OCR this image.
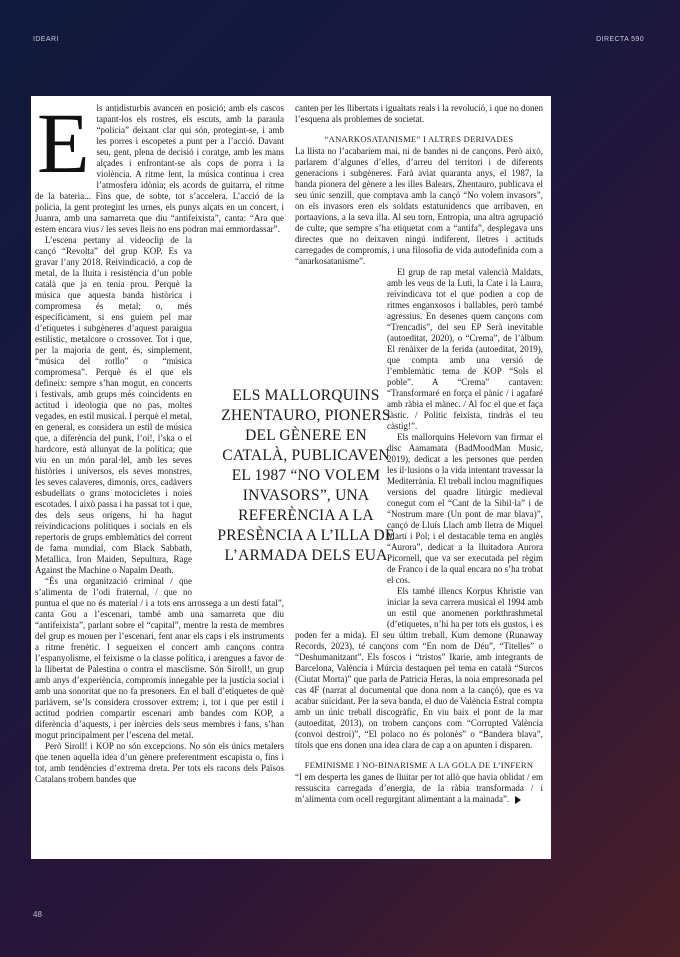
IDEARI	DIRECTA 590
E ls antidisturbis avancen en posició; amb els cascos tapant-los els rostres, els escuts, amb la paraula “policia” deixant clar qui són, protegint-se, i amb les porres i escopetes a punt per a l’acció. Davant seu, gent, plena de decisió i coratge, amb les mans alçades i enfrontant-se als cops de porra i la violència. A ritme lent, la música continua i crea l’atmosfera idònia; els acords de guitarra, el ritme de la bateria... Fins que, de sobte, tot s’accelera. L’acció de la policia, la gent protegint les urnes, els punys alçats en un concert, i Juanra, amb una samarreta que diu “antifeixista”, canta: “Ara que estem encara vius / les seves lleis no ens podran mai emmordassar”.

L’escena pertany al videoclip de la cançó “Revolta” del grup KOP. Es va gravar l’any 2018. Reivindicació, a cop de metal, de la lluita i resistència d’un poble català que ja en tenia prou. Perquè la música que aquesta banda històrica i compromesa és metal; o, més específicament, si ens guiem pel mar d’etiquetes i subgèneres d’aquest paraigua estilístic, metalcore o crossover. Tot i que, per la majoria de gent, és, simplement, “música del rotllo” o “música compromesa”. Perquè és el que els defineix: sempre s’han mogut, en concerts i festivals, amb grups més coincidents en actitud i ideologia que no pas, moltes vegades, en estil musical. I perquè el metal, en general, es considera un estil de música que, a diferència del punk, l’oi!, l’ska o el hardcore, està allunyat de la política; que viu en un món paral·lel, amb les seves històries i universos, els seves monstres, les seves calaveres, dimonis, orcs, cadàvers esbudellats o grans motocicletes i noies escotades. I això passa i ha passat tot i que, des dels seus orígens, hi ha hagut reivindicacions polítiques i socials en els repertoris de grups emblemàtics del corrent de fama mundial, com Black Sabbath, Metallica, Iron Maiden, Sepultura, Rage Against the Machine o Napalm Death.

“És una organització criminal / que s’alimenta de l’odi fraternal, / que no puntua el que no és material / i a tots ens arrossega a un destí fatal”, canta Gou a l’escenari, també amb una samarreta que diu “antifeixista”, parlant sobre el “capital”, mentre la resta de membres del grup es mouen per l’escenari, fent anar els caps i els instruments a ritme frenètic. I segueixen el concert amb cançons contra l’espanyolisme, el feixisme o la classe política, i arengues a favor de la llibertat de Palestina o contra el masclisme. Són Siroll!, un grup amb anys d’experiència, compromís innegable per la justícia social i amb una sonoritat que no fa presoners. En el ball d’etiquetes de què parlàvem, se’ls considera crossover extrem; i, tot i que per estil i actitud podrien compartir escenari amb bandes com KOP, a diferència d’aquests, i per inèrcies dels seus membres i fans, s’han mogut principalment per l’escena del metal.

Però Siroll! i KOP no són excepcions. No són els únics metalers que tenen aquella idea d’un gènere preferentment escapista o, fins i tot, amb tendències d’extrema dreta. Per tots els racons dels Països Catalans trobem bandes que

canten per les llibertats i igualtats reals i la revolució, i que no donen l’esquena als problemes de societat.

“ANARKOSATANISME” I ALTRES DERIVADES

La llista no l’acabaríem mai, ni de bandes ni de cançons. Però això, parlarem d’algunes d’elles, d’arreu del territori i de diferents generacions i subgèneres. Farà aviat quaranta anys, el 1987, la banda pionera del gènere a les illes Balears, Zhentauro, publicava el seu únic senzill, que comptava amb la cançó “No volem invasors”, on els invasors eren els soldats estatunidencs que arribaven, en portaavions, a la seva illa. Al seu torn, Entropia, una altra agrupació de culte, que sempre s’ha etiquetat com a “antifa”, desplegava uns directes que no deixaven ningú indiferent, lletres i actituds carregades de compromís, i una filosofia de vida autodefinida com a “anarkosatanisme”.

El grup de rap metal valencià Maldats, amb les veus de la Luti, la Cate i la Laura, reivindicava tot el que podien a cop de ritmes enganxosos i ballables, però també agressius. En desenes quem cançons com “Trencadís”, del seu EP Serà inevitable (autoeditat, 2020), o “Crema”, de l’àlbum El renàixer de la ferida (autoeditat, 2019), que compta amb una versió de l’emblemàtic tema de KOP “Sols el poble”. A “Crema” cantaven: “Transformaré en força el pànic / i agafaré amb ràbia el mànec. / Al foc el que et faça fàstic. / Politic feixista, tindràs el teu càstig!”.

Els mallorquins Helevorn van firmar el disc Aamamata (BadMoodMan Music, 2019), dedicat a les persones que perden les il·lusions o la vida intentant travessar la Mediterrània. El treball inclou magnífiques versions del quadre litúrgic medieval conegut com el “Cant de la Sibil·la” i de “Nostrum mare (Un pont de mar blava)”, cançó de Lluís Llach amb lletra de Miquel Martí i Pol; i el destacable tema en anglès “Aurora”, dedicat a la lluitadora Aurora Picornell, que va ser executada pel règim de Franco i de la qual encara no s’ha trobat el cos.

Els també illencs Korpus Khristie van iniciar la seva carrera musical el 1994 amb un estil que anomenen porkthrashmetal (d’etiquetes, n’hi ha per tots els gustos, i es poden fer a mida). El seu últim treball, Kum demone (Runaway Records, 2023), té cançons com “En nom de Déu”, “Titelles” o “Deshumanitzant”. Els foscos i “tristos” Ikarie, amb integrants de Barcelona, València i Múrcia destaquen pel tema en català “Surcos (Ciutat Morta)” que parla de Patricia Heras, la noia empresonada pel cas 4F (narrat al documental que dona nom a la cançó), que es va acabar suïcidant. Per la seva banda, el duo de València Estral compta amb un únic treball discogràfic, En viu baix el pont de la mar (autoeditat, 2013), on trobem cançons com “Corrupted València (convoi destroi)”, “El polaco no és polonès” o “Bandera blava”, títols que ens donen una idea clara de cap a on apunten i disparen.

FEMINISME I NO-BINARISME A LA GOLA DE L’INFERN

“I em desperta les ganes de lluitar per tot allò que havia oblidat / em ressuscita carregada d’energia, de la ràbia transformada / i m’alimenta com ocell regurgitant alimentant a la mainada”.

ELS MALLORQUINS ZHENTAURO, PIONERS DEL GÈNERE EN CATALÀ, PUBLICAVEN EL 1987 “NO VOLEM INVASORS”, UNA REFERÈNCIA A LA PRESÈNCIA A L’ILLA DE L’ARMADA DELS EUA
48
